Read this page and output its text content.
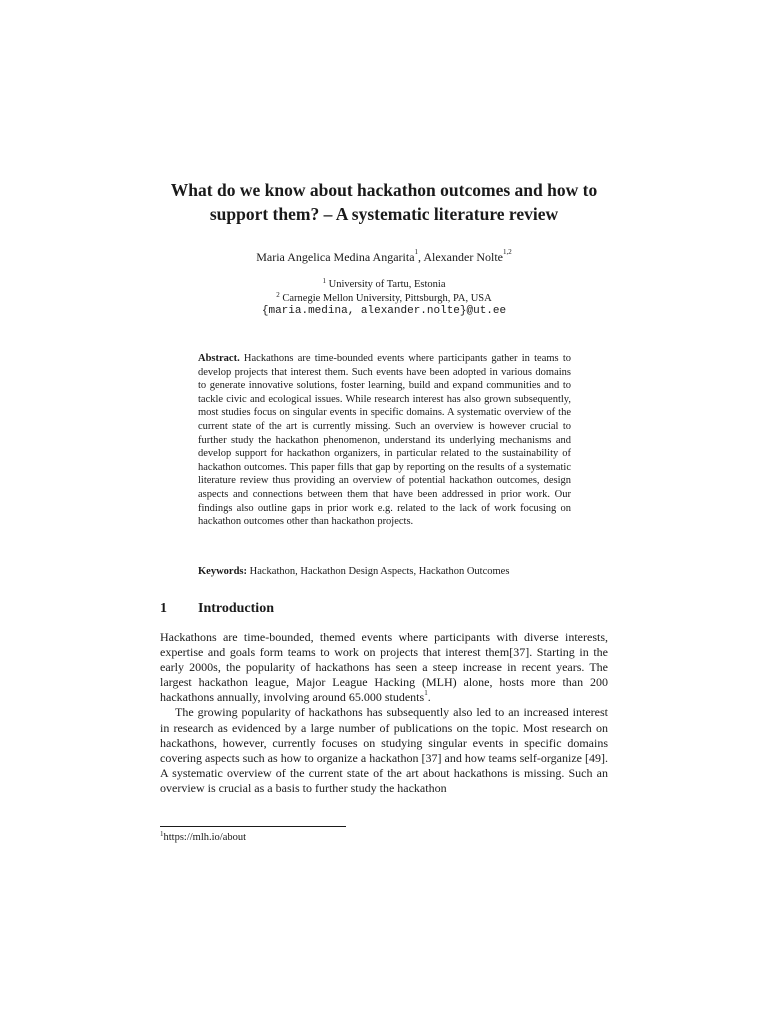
What do we know about hackathon outcomes and how to support them? – A systematic literature review
Maria Angelica Medina Angarita$^1$, Alexander Nolte$^{1,2}$
$^1$ University of Tartu, Estonia
$^2$ Carnegie Mellon University, Pittsburgh, PA, USA
{maria.medina, alexander.nolte}@ut.ee
Abstract. Hackathons are time-bounded events where participants gather in teams to develop projects that interest them. Such events have been adopted in various domains to generate innovative solutions, foster learning, build and expand communities and to tackle civic and ecological issues. While research interest has also grown subsequently, most studies focus on singular events in specific domains. A systematic overview of the current state of the art is currently missing. Such an overview is however crucial to further study the hackathon phenomenon, understand its underlying mechanisms and develop support for hackathon organizers, in particular related to the sustainability of hackathon outcomes. This paper fills that gap by reporting on the results of a systematic literature review thus providing an overview of potential hackathon outcomes, design aspects and connections between them that have been addressed in prior work. Our findings also outline gaps in prior work e.g. related to the lack of work focusing on hackathon outcomes other than hackathon projects.
Keywords: Hackathon, Hackathon Design Aspects, Hackathon Outcomes
1 Introduction

Hackathons are time-bounded, themed events where participants with diverse interests, expertise and goals form teams to work on projects that interest them[37]. Starting in the early 2000s, the popularity of hackathons has seen a steep increase in recent years. The largest hackathon league, Major League Hacking (MLH) alone, hosts more than 200 hackathons annually, involving around 65.000 students$^1$.

The growing popularity of hackathons has subsequently also led to an increased interest in research as evidenced by a large number of publications on the topic. Most research on hackathons, however, currently focuses on studying singular events in specific domains covering aspects such as how to organize a hackathon [37] and how teams self-organize [49]. A systematic overview of the current state of the art about hackathons is missing. Such an overview is crucial as a basis to further study the hackathon

$^1$https://mlh.io/about
